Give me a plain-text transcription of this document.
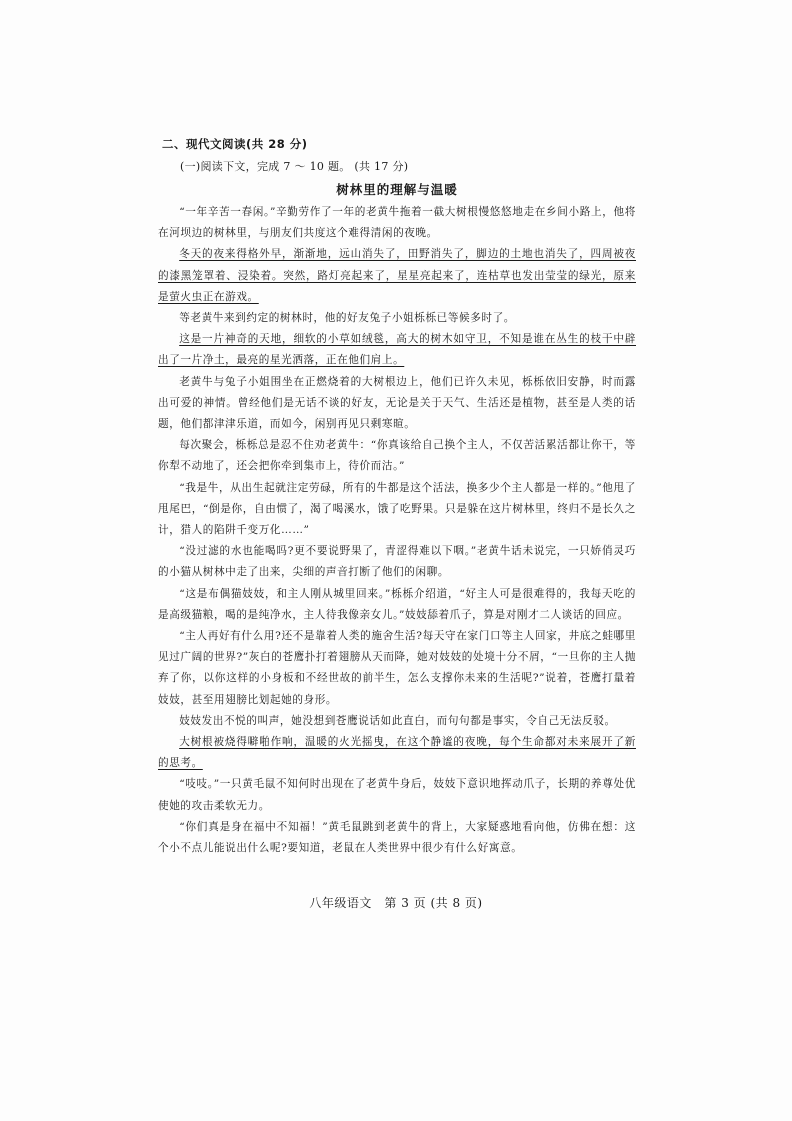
二、现代文阅读(共 28 分)
(一)阅读下文，完成 7 ～ 10 题。 (共 17 分)
树林里的理解与温暖

“一年辛苦一春闲。”辛勤劳作了一年的老黄牛拖着一截大树根慢悠悠地走在乡间小路上，他将在河坝边的树林里，与朋友们共度这个难得清闲的夜晚。

冬天的夜来得格外早，渐渐地，远山消失了，田野消失了，脚边的土地也消失了，四周被夜的漆黑笼罩着、浸染着。突然，路灯亮起来了，星星亮起来了，连枯草也发出莹莹的绿光，原来是萤火虫正在游戏。

等老黄牛来到约定的树林时，他的好友兔子小姐栎栎已等候多时了。

这是一片神奇的天地，细软的小草如绒毯，高大的树木如守卫，不知是谁在丛生的枝干中辟出了一片净土，最亮的星光洒落，正在他们肩上。

老黄牛与兔子小姐围坐在正燃烧着的大树根边上，他们已许久未见，栎栎依旧安静，时而露出可爱的神情。曾经他们是无话不谈的好友，无论是关于天气、生活还是植物，甚至是人类的话题，他们都津津乐道，而如今，闲别再见只剩寒暄。

每次聚会，栎栎总是忍不住劝老黄牛：“你真该给自己换个主人，不仅苦活累活都让你干，等你犁不动地了，还会把你牵到集市上，待价而沽。”

“我是牛，从出生起就注定劳碌，所有的牛都是这个活法，换多少个主人都是一样的。”他甩了甩尾巴，“倒是你，自由惯了，渴了喝溪水，饿了吃野果。只是躲在这片树林里，终归不是长久之计，猎人的陷阱千变万化……”

“没过滤的水也能喝吗?更不要说野果了，青涩得难以下咽。”老黄牛话未说完，一只娇俏灵巧的小猫从树林中走了出来，尖细的声音打断了他们的闲聊。

“这是布偶猫妓妓，和主人刚从城里回来。”栎栎介绍道，“好主人可是很难得的，我每天吃的是高级猫粮，喝的是纯净水，主人待我像亲女儿。”妓妓舔着爪子，算是对刚才二人谈话的回应。

“主人再好有什么用?还不是靠着人类的施舍生活?每天守在家门口等主人回家，井底之蛙哪里见过广阔的世界?”灰白的苍鹰扑打着翅膀从天而降，她对妓妓的处境十分不屑，“一旦你的主人抛弃了你，以你这样的小身板和不经世故的前半生，怎么支撑你未来的生活呢?”说着，苍鹰打量着妓妓，甚至用翅膀比划起她的身形。

妓妓发出不悦的叫声，她没想到苍鹰说话如此直白，而句句都是事实，令自己无法反驳。

大树根被烧得噼啪作响，温暖的火光摇曳，在这个静谧的夜晚，每个生命都对未来展开了新的思考。

“吱吱。”一只黄毛鼠不知何时出现在了老黄牛身后，妓妓下意识地挥动爪子，长期的养尊处优使她的攻击柔软无力。

“你们真是身在福中不知福！”黄毛鼠跳到老黄牛的背上，大家疑惑地看向他，仿佛在想：这个小不点儿能说出什么呢?要知道，老鼠在人类世界中很少有什么好寓意。

八年级语文　第 3 页 (共 8 页)
